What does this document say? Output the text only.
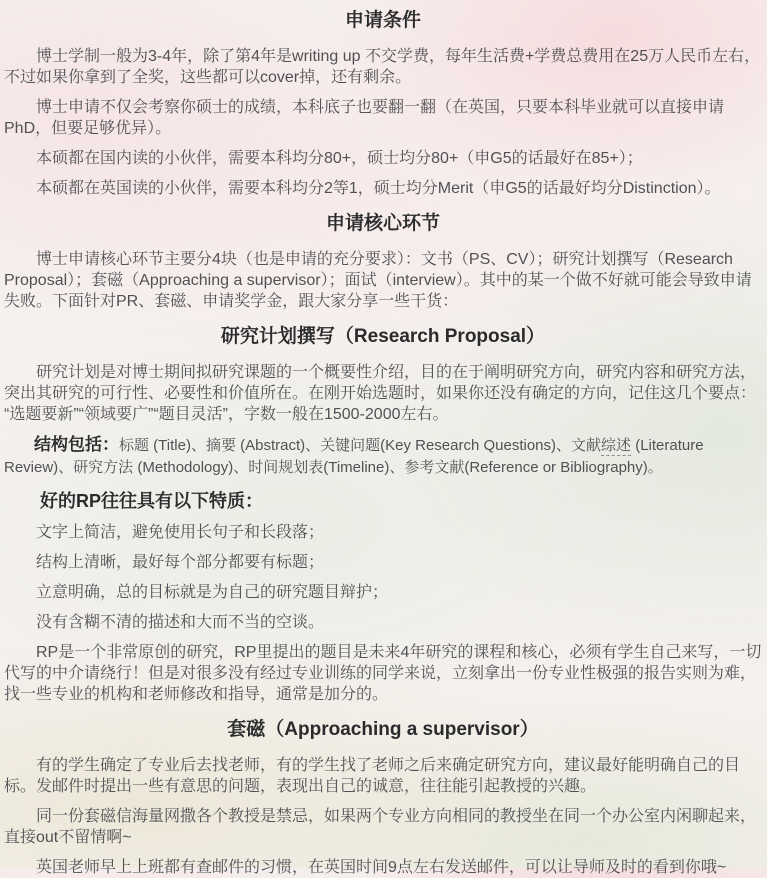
申请条件

博士学制一般为3-4年，除了第4年是writing up 不交学费，每年生活费+学费总费用在25万人民币左右，不过如果你拿到了全奖，这些都可以cover掉，还有剩余。

博士申请不仅会考察你硕士的成绩，本科底子也要翻一翻（在英国，只要本科毕业就可以直接申请PhD，但要足够优异）。

本硕都在国内读的小伙伴，需要本科均分80+，硕士均分80+（申G5的话最好在85+）；

本硕都在英国读的小伙伴，需要本科均分2等1，硕士均分Merit（申G5的话最好均分Distinction）。

申请核心环节

博士申请核心环节主要分4块（也是申请的充分要求）：文书（PS、CV）；研究计划撰写（Research Proposal）；套磁（Approaching a supervisor）；面试（interview）。其中的某一个做不好就可能会导致申请失败。下面针对PR、套磁、申请奖学金，跟大家分享一些干货：

研究计划撰写（Research Proposal）

研究计划是对博士期间拟研究课题的一个概要性介绍，目的在于阐明研究方向，研究内容和研究方法，突出其研究的可行性、必要性和价值所在。在刚开始选题时，如果你还没有确定的方向，记住这几个要点：“选题要新”“领域要广”“题目灵活”，字数一般在1500-2000左右。

结构包括：标题 (Title)、摘要 (Abstract)、关键问题(Key Research Questions)、文献综述 (Literature Review)、研究方法 (Methodology)、时间规划表(Timeline)、参考文献(Reference or Bibliography)。

好的RP往往具有以下特质：

文字上简洁，避免使用长句子和长段落；

结构上清晰，最好每个部分都要有标题；

立意明确，总的目标就是为自己的研究题目辩护；

没有含糊不清的描述和大而不当的空谈。

RP是一个非常原创的研究，RP里提出的题目是未来4年研究的课程和核心，必须有学生自己来写，一切代写的中介请绕行！但是对很多没有经过专业训练的同学来说，立刻拿出一份专业性极强的报告实则为难，找一些专业的机构和老师修改和指导，通常是加分的。

套磁（Approaching a supervisor）

有的学生确定了专业后去找老师，有的学生找了老师之后来确定研究方向，建议最好能明确自己的目标。发邮件时提出一些有意思的问题，表现出自己的诚意，往往能引起教授的兴趣。

同一份套磁信海量网撒各个教授是禁忌，如果两个专业方向相同的教授坐在同一个办公室内闲聊起来，直接out不留情啊~

英国老师早上上班都有查邮件的习惯，在英国时间9点左右发送邮件，可以让导师及时的看到你哦~
